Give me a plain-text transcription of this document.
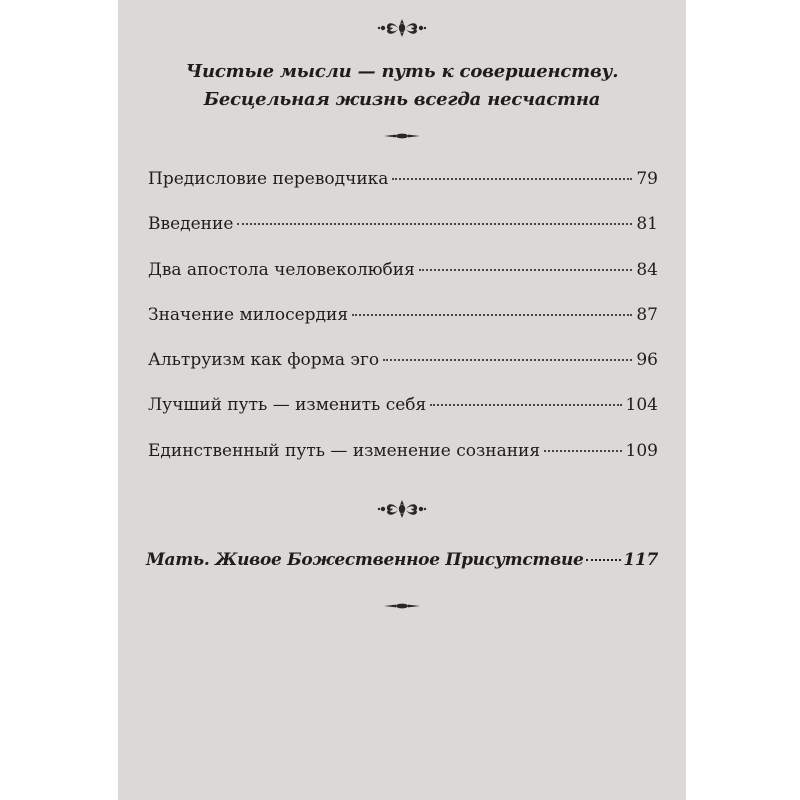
Чистые мысли — путь к совершенству.
Бесцельная жизнь всегда несчастна
Предисловие переводчика	79
Введение	81
Два апостола человеколюбия	84
Значение милосердия	87
Альтруизм как форма эго	96
Лучший путь — изменить себя	104
Единственный путь — изменение сознания	109
Мать. Живое Божественное Присутствие 117
